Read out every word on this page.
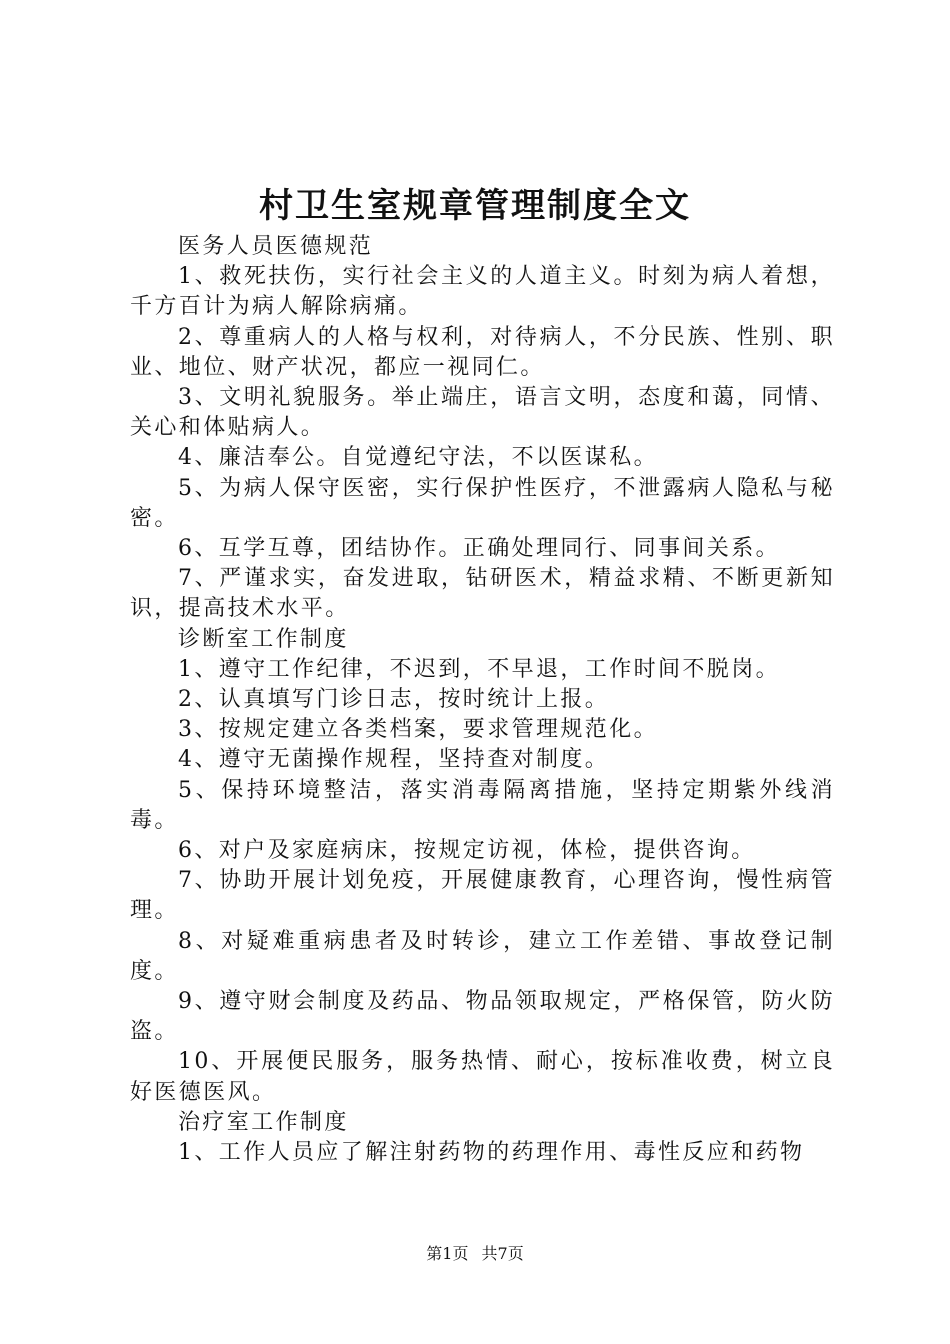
村卫生室规章管理制度全文

医务人员医德规范

1、救死扶伤，实行社会主义的人道主义。时刻为病人着想，千方百计为病人解除病痛。

2、尊重病人的人格与权利，对待病人，不分民族、性别、职业、地位、财产状况，都应一视同仁。

3、文明礼貌服务。举止端庄，语言文明，态度和蔼，同情、关心和体贴病人。

4、廉洁奉公。自觉遵纪守法，不以医谋私。

5、为病人保守医密，实行保护性医疗，不泄露病人隐私与秘密。

6、互学互尊，团结协作。正确处理同行、同事间关系。

7、严谨求实，奋发进取，钻研医术，精益求精、不断更新知识，提高技术水平。

诊断室工作制度

1、遵守工作纪律，不迟到，不早退，工作时间不脱岗。

2、认真填写门诊日志，按时统计上报。

3、按规定建立各类档案，要求管理规范化。

4、遵守无菌操作规程，坚持查对制度。

5、保持环境整洁，落实消毒隔离措施，坚持定期紫外线消毒。

6、对户及家庭病床，按规定访视，体检，提供咨询。

7、协助开展计划免疫，开展健康教育，心理咨询，慢性病管理。

8、对疑难重病患者及时转诊，建立工作差错、事故登记制度。

9、遵守财会制度及药品、物品领取规定，严格保管，防火防盗。

10、开展便民服务，服务热情、耐心，按标准收费，树立良好医德医风。

治疗室工作制度

1、工作人员应了解注射药物的药理作用、毒性反应和药物

第1页 共7页
